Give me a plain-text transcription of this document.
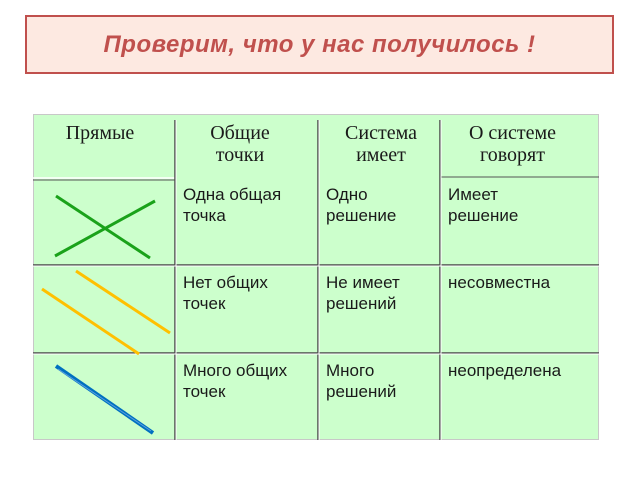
Проверим, что у нас получилось !
Прямые	Общие точки
Система имеет
О системе говорят
Одна общая точка
Одно решение
Имеет решение
Нет общих точек
Не имеет решений
несовместна
Много общих точек
Много решений
неопределена
